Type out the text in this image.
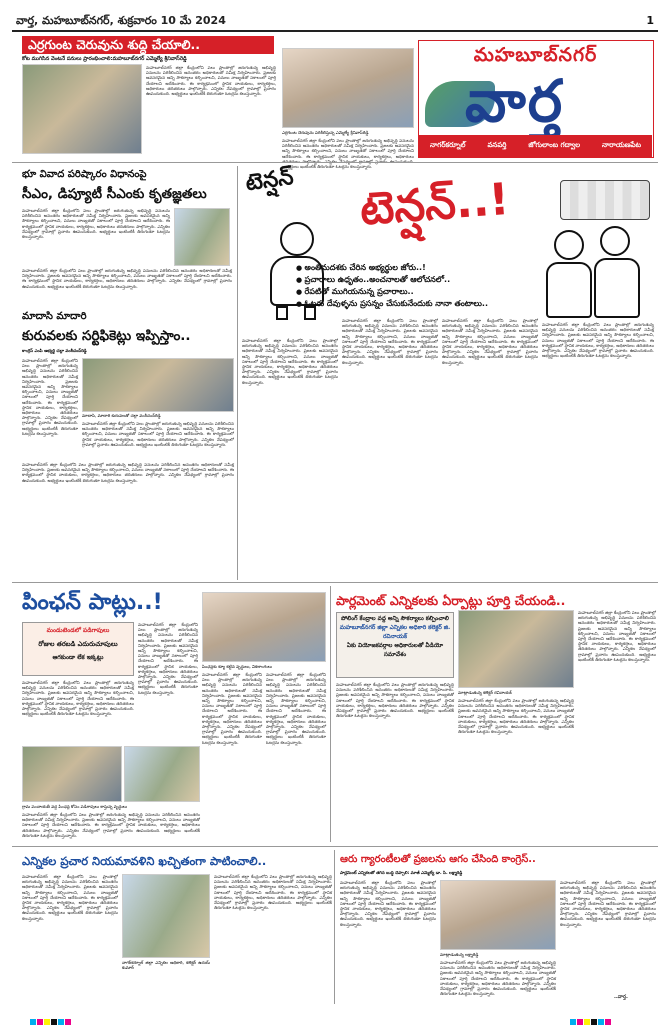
వార్త, మహబూబ్‌నగర్, శుక్రవారం 10 మే 2024	1
ఎర్రగుంట చెరువును శుద్ధి చేయాలి..
కోట ముగిసిన వెంటనే పనులు ప్రారంభించాలి:మహబూబ్‌నగర్ ఎమ్మెల్యే శ్రీనివాస్‌రెడ్డి
మహబూబ్‌నగర్ జిల్లా కేంద్రంలోని పలు ప్రాంతాల్లో జరుగుతున్న అభివృద్ధి పనులను పరిశీలించిన అనంతరం అధికారులతో సమీక్ష నిర్వహించారు. ప్రజలకు అవసరమైన అన్ని సౌకర్యాలు కల్పించాలని, పనులు నాణ్యతతో సకాలంలో పూర్తి చేయాలని ఆదేశించారు. ఈ కార్యక్రమంలో స్థానిక నాయకులు, కార్యకర్తలు, అధికారులు తదితరులు పాల్గొన్నారు. ఎన్నికల నేపథ్యంలో గ్రామాల్లో ప్రచారం ఊపందుకుంది. అభ్యర్థులు ఇంటింటికీ తిరుగుతూ ఓటర్లను కలుస్తున్నారు.
ఎర్రగుంట చెరువును పరిశీలిస్తున్న ఎమ్మెల్యే శ్రీనివాస్‌రెడ్డి
మహబూబ్‌నగర్ జిల్లా కేంద్రంలోని పలు ప్రాంతాల్లో జరుగుతున్న అభివృద్ధి పనులను పరిశీలించిన అనంతరం అధికారులతో సమీక్ష నిర్వహించారు. ప్రజలకు అవసరమైన అన్ని సౌకర్యాలు కల్పించాలని, పనులు నాణ్యతతో సకాలంలో పూర్తి చేయాలని ఆదేశించారు. ఈ కార్యక్రమంలో స్థానిక నాయకులు, కార్యకర్తలు, అధికారులు అభ్యర్థులు ఇంటింటికీ తిరుగుతూ ఓటర్లను కలుస్తున్నారు.
మహబూబ్‌నగర్
వార్త
నాగర్‌కర్నూల్	వనపర్తి	జోగులాంబ గద్వాల	నారాయణపేట
భూ వివాద పరిష్కారం విధానంపై
సీఎం, డిప్యూటీ సీఎంకు కృతజ్ఞతలు
మహబూబ్‌నగర్ జిల్లా కేంద్రంలోని పలు ప్రాంతాల్లో జరుగుతున్న అభివృద్ధి పనులను పరిశీలించిన అనంతరం అధికారులతో సమీక్ష నిర్వహించారు. ప్రజలకు అవసరమైన అన్ని సౌకర్యాలు కల్పించాలని, పనులు నాణ్యతతో సకాలంలో పూర్తి చేయాలని ఆదేశించారు. ఈ కార్యక్రమంలో స్థానిక నాయకులు, కార్యకర్తలు, అధికారులు తదితరులు పాల్గొన్నారు. ఎన్నికల నేపథ్యంలో గ్రామాల్లో ప్రచారం ఊపందుకుంది. అభ్యర్థులు ఇంటింటికీ తిరుగుతూ ఓటర్లను కలుస్తున్నారు.
మహబూబ్‌నగర్ జిల్లా కేంద్రంలోని పలు ప్రాంతాల్లో జరుగుతున్న అభివృద్ధి పనులను పరిశీలించిన అనంతరం అధికారులతో సమీక్ష నిర్వహించారు. ప్రజలకు అవసరమైన అన్ని సౌకర్యాలు కల్పించాలని, పనులు నాణ్యతతో సకాలంలో పూర్తి చేయాలని ఆదేశించారు. ఈ కార్యక్రమంలో స్థానిక నాయకులు, కార్యకర్తలు, అధికారులు తదితరులు పాల్గొన్నారు. ఎన్నికల నేపథ్యంలో గ్రామాల్లో ప్రచారం ఊపందుకుంది. అభ్యర్థులు ఇంటింటికీ తిరుగుతూ ఓటర్లను కలుస్తున్నారు.
మాదాసి మాదారి
కురువలకు సర్టిఫికెట్లు ఇప్పిస్తాం..
కాంగ్రెస్ ఎంపి అభ్యర్థి చల్లా వంశీచంద్‌రెడ్డి
మహబూబ్‌నగర్ జిల్లా కేంద్రంలోని పలు ప్రాంతాల్లో జరుగుతున్న అభివృద్ధి పనులను పరిశీలించిన అనంతరం అధికారులతో సమీక్ష నిర్వహించారు. ప్రజలకు అవసరమైన అన్ని సౌకర్యాలు కల్పించాలని, పనులు నాణ్యతతో సకాలంలో పూర్తి చేయాలని ఆదేశించారు. ఈ కార్యక్రమంలో స్థానిక నాయకులు, కార్యకర్తలు, అధికారులు తదితరులు పాల్గొన్నారు. ఎన్నికల నేపథ్యంలో గ్రామాల్లో ప్రచారం ఊపందుకుంది. అభ్యర్థులు ఇంటింటికీ తిరుగుతూ ఓటర్లను కలుస్తున్నారు.
మాదాసి, మాదారి కురువలతో చల్లా వంశీచంద్‌రెడ్డి
మహబూబ్‌నగర్ జిల్లా కేంద్రంలోని పలు ప్రాంతాల్లో జరుగుతున్న అభివృద్ధి పనులను పరిశీలించిన అనంతరం అధికారులతో సమీక్ష నిర్వహించారు. ప్రజలకు అవసరమైన అన్ని సౌకర్యాలు కల్పించాలని, పనులు నాణ్యతతో సకాలంలో పూర్తి చేయాలని ఆదేశించారు. ఈ కార్యక్రమంలో స్థానిక నాయకులు, కార్యకర్తలు, అధికారులు తదితరులు పాల్గొన్నారు. ఎన్నికల నేపథ్యంలో గ్రామాల్లో ప్రచారం ఊపందుకుంది. అభ్యర్థులు ఇంటింటికీ తిరుగుతూ ఓటర్లను కలుస్తున్నారు.
మహబూబ్‌నగర్ జిల్లా కేంద్రంలోని పలు ప్రాంతాల్లో జరుగుతున్న అభివృద్ధి పనులను పరిశీలించిన అనంతరం అధికారులతో సమీక్ష నిర్వహించారు. ప్రజలకు అవసరమైన అన్ని సౌకర్యాలు కల్పించాలని, పనులు నాణ్యతతో సకాలంలో పూర్తి చేయాలని ఆదేశించారు. ఈ కార్యక్రమంలో స్థానిక నాయకులు, కార్యకర్తలు, అధికారులు తదితరులు పాల్గొన్నారు. ఎన్నికల నేపథ్యంలో గ్రామాల్లో ప్రచారం ఊపందుకుంది. అభ్యర్థులు ఇంటింటికీ తిరుగుతూ ఓటర్లను కలుస్తున్నారు.
టెన్షన్ టెన్షన్..!
● అంతిమదశకు చేరిన అభ్యర్థుల జోరు..!
● ప్రచారాలు ఉధృతం..అంచనాలతో ఆలోచనలో..
● రేపటితో ముగియనున్న ప్రచారాలు..
● ఓటరు దేవుళ్ళను ప్రసన్నం చేసుకునేందుకు నానా తంటాలు..
మహబూబ్‌నగర్ జిల్లా కేంద్రంలోని పలు ప్రాంతాల్లో జరుగుతున్న అభివృద్ధి పనులను పరిశీలించిన అనంతరం అధికారులతో సమీక్ష నిర్వహించారు. ప్రజలకు అవసరమైన అన్ని సౌకర్యాలు కల్పించాలని, పనులు నాణ్యతతో సకాలంలో పూర్తి చేయాలని ఆదేశించారు. ఈ కార్యక్రమంలో స్థానిక నాయకులు, కార్యకర్తలు, అధికారులు తదితరులు పాల్గొన్నారు. ఎన్నికల నేపథ్యంలో గ్రామాల్లో ప్రచారం ఊపందుకుంది. అభ్యర్థులు ఇంటింటికీ తిరుగుతూ ఓటర్లను కలుస్తున్నారు.
మహబూబ్‌నగర్ జిల్లా కేంద్రంలోని పలు ప్రాంతాల్లో జరుగుతున్న అభివృద్ధి పనులను పరిశీలించిన అనంతరం అధికారులతో సమీక్ష నిర్వహించారు. ప్రజలకు అవసరమైన అన్ని సౌకర్యాలు కల్పించాలని, పనులు నాణ్యతతో సకాలంలో పూర్తి చేయాలని ఆదేశించారు. ఈ కార్యక్రమంలో స్థానిక నాయకులు, కార్యకర్తలు, అధికారులు తదితరులు పాల్గొన్నారు. ఎన్నికల నేపథ్యంలో గ్రామాల్లో ప్రచారం ఊపందుకుంది. అభ్యర్థులు ఇంటింటికీ తిరుగుతూ ఓటర్లను కలుస్తున్నారు.
మహబూబ్‌నగర్ జిల్లా కేంద్రంలోని పలు ప్రాంతాల్లో జరుగుతున్న అభివృద్ధి పనులను పరిశీలించిన అనంతరం అధికారులతో సమీక్ష నిర్వహించారు. ప్రజలకు అవసరమైన అన్ని సౌకర్యాలు కల్పించాలని, పనులు నాణ్యతతో సకాలంలో పూర్తి చేయాలని ఆదేశించారు. ఈ కార్యక్రమంలో స్థానిక నాయకులు, కార్యకర్తలు, అధికారులు తదితరులు పాల్గొన్నారు. ఎన్నికల నేపథ్యంలో గ్రామాల్లో ప్రచారం ఊపందుకుంది. అభ్యర్థులు ఇంటింటికీ తిరుగుతూ ఓటర్లను కలుస్తున్నారు.
మహబూబ్‌నగర్ జిల్లా కేంద్రంలోని పలు ప్రాంతాల్లో జరుగుతున్న అభివృద్ధి పనులను పరిశీలించిన అనంతరం అధికారులతో సమీక్ష నిర్వహించారు. ప్రజలకు అవసరమైన అన్ని సౌకర్యాలు కల్పించాలని, పనులు నాణ్యతతో సకాలంలో పూర్తి చేయాలని ఆదేశించారు. ఈ కార్యక్రమంలో స్థానిక నాయకులు, కార్యకర్తలు, అధికారులు తదితరులు పాల్గొన్నారు. ఎన్నికల నేపథ్యంలో గ్రామాల్లో ప్రచారం ఊపందుకుంది. అభ్యర్థులు ఇంటింటికీ తిరుగుతూ ఓటర్లను కలుస్తున్నారు.
పింఛన్ పాట్లు..!
మండుటెండలో పడిగాపులు
రోజుల తరబడి ఎదురుచూపులు
ఆగకుండా లేక ఇక్కట్లు
మహబూబ్‌నగర్ జిల్లా కేంద్రంలోని పలు ప్రాంతాల్లో జరుగుతున్న అభివృద్ధి పనులను పరిశీలించిన అనంతరం అధికారులతో సమీక్ష నిర్వహించారు. ప్రజలకు అవసరమైన అన్ని సౌకర్యాలు కల్పించాలని, పనులు నాణ్యతతో సకాలంలో పూర్తి చేయాలని ఆదేశించారు. ఈ కార్యక్రమంలో స్థానిక నాయకులు, కార్యకర్తలు, అధికారులు తదితరులు పాల్గొన్నారు. ఎన్నికల నేపథ్యంలో గ్రామాల్లో ప్రచారం ఊపందుకుంది. అభ్యర్థులు ఇంటింటికీ తిరుగుతూ ఓటర్లను కలుస్తున్నారు.
మహబూబ్‌నగర్ జిల్లా కేంద్రంలోని పలు ప్రాంతాల్లో జరుగుతున్న అభివృద్ధి పనులను పరిశీలించిన అనంతరం అధికారులతో సమీక్ష నిర్వహించారు. ప్రజలకు అవసరమైన అన్ని సౌకర్యాలు కల్పించాలని, పనులు నాణ్యతతో సకాలంలో పూర్తి చేయాలని ఆదేశించారు. ఈ కార్యక్రమంలో స్థానిక నాయకులు, కార్యకర్తలు, అధికారులు తదితరులు పాల్గొన్నారు. ఎన్నికల నేపథ్యంలో గ్రామాల్లో ప్రచారం ఊపందుకుంది. అభ్యర్థులు ఇంటింటికీ తిరుగుతూ ఓటర్లను కలుస్తున్నారు.
పింఛన్లకు క్యూ కట్టిన వృద్ధులు, వికలాంగులు
మహబూబ్‌నగర్ జిల్లా కేంద్రంలోని పలు ప్రాంతాల్లో జరుగుతున్న అభివృద్ధి పనులను పరిశీలించిన అనంతరం అధికారులతో సమీక్ష నిర్వహించారు. ప్రజలకు అవసరమైన అన్ని సౌకర్యాలు కల్పించాలని, పనులు నాణ్యతతో సకాలంలో పూర్తి చేయాలని ఆదేశించారు. ఈ కార్యక్రమంలో స్థానిక నాయకులు, కార్యకర్తలు, అధికారులు తదితరులు పాల్గొన్నారు. ఎన్నికల నేపథ్యంలో గ్రామాల్లో ప్రచారం ఊపందుకుంది. అభ్యర్థులు ఇంటింటికీ తిరుగుతూ ఓటర్లను కలుస్తున్నారు.
మహబూబ్‌నగర్ జిల్లా కేంద్రంలోని పలు ప్రాంతాల్లో జరుగుతున్న అభివృద్ధి పనులను పరిశీలించిన అనంతరం అధికారులతో సమీక్ష నిర్వహించారు. ప్రజలకు అవసరమైన అన్ని సౌకర్యాలు కల్పించాలని, పనులు నాణ్యతతో సకాలంలో పూర్తి చేయాలని ఆదేశించారు. ఈ కార్యక్రమంలో స్థానిక నాయకులు, కార్యకర్తలు, అధికారులు తదితరులు పాల్గొన్నారు. ఎన్నికల నేపథ్యంలో గ్రామాల్లో ప్రచారం ఊపందుకుంది. అభ్యర్థులు ఇంటింటికీ తిరుగుతూ ఓటర్లను కలుస్తున్నారు.
గ్రామ పంచాయతీ వద్ద పింఛన్ల కోసం పడిగాపులు కాస్తున్న వృద్ధులు
మహబూబ్‌నగర్ జిల్లా కేంద్రంలోని పలు ప్రాంతాల్లో జరుగుతున్న అభివృద్ధి పనులను పరిశీలించిన అనంతరం అధికారులతో సమీక్ష నిర్వహించారు. ప్రజలకు అవసరమైన అన్ని సౌకర్యాలు కల్పించాలని, పనులు నాణ్యతతో సకాలంలో పూర్తి చేయాలని ఆదేశించారు. ఈ కార్యక్రమంలో స్థానిక నాయకులు, కార్యకర్తలు, అధికారులు తదితరులు పాల్గొన్నారు. ఎన్నికల నేపథ్యంలో గ్రామాల్లో ప్రచారం ఊపందుకుంది. అభ్యర్థులు ఇంటింటికీ తిరుగుతూ ఓటర్లను కలుస్తున్నారు.
పార్లమెంట్ ఎన్నికలకు ఏర్పాట్లు పూర్తి చేయండి..
పోలింగ్ కేంద్రాల వద్ద అన్ని సౌకర్యాలు కల్పించాలి
మహబూబ్‌నగర్ జిల్లా ఎన్నికల అధికారి కలెక్టర్ జి. రవినాయక్
ఏకు వియోజకవర్గాల అధికారులతో వీడియో సమావేశం
మాట్లాడుతున్న కలెక్టర్ రవినాయక్
మహబూబ్‌నగర్ జిల్లా కేంద్రంలోని పలు ప్రాంతాల్లో జరుగుతున్న అభివృద్ధి పనులను పరిశీలించిన అనంతరం అధికారులతో సమీక్ష నిర్వహించారు. ప్రజలకు అవసరమైన అన్ని సౌకర్యాలు కల్పించాలని, పనులు నాణ్యతతో సకాలంలో పూర్తి చేయాలని ఆదేశించారు. ఈ కార్యక్రమంలో స్థానిక నాయకులు, కార్యకర్తలు, అధికారులు తదితరులు పాల్గొన్నారు. ఎన్నికల నేపథ్యంలో గ్రామాల్లో ప్రచారం ఊపందుకుంది. అభ్యర్థులు ఇంటింటికీ తిరుగుతూ ఓటర్లను కలుస్తున్నారు.
మహబూబ్‌నగర్ జిల్లా కేంద్రంలోని పలు ప్రాంతాల్లో జరుగుతున్న అభివృద్ధి పనులను పరిశీలించిన అనంతరం అధికారులతో సమీక్ష నిర్వహించారు. ప్రజలకు అవసరమైన అన్ని సౌకర్యాలు కల్పించాలని, పనులు నాణ్యతతో సకాలంలో పూర్తి చేయాలని ఆదేశించారు. ఈ కార్యక్రమంలో స్థానిక నాయకులు, కార్యకర్తలు, అధికారులు తదితరులు పాల్గొన్నారు. ఎన్నికల నేపథ్యంలో గ్రామాల్లో ప్రచారం ఊపందుకుంది. అభ్యర్థులు ఇంటింటికీ తిరుగుతూ ఓటర్లను కలుస్తున్నారు.
మహబూబ్‌నగర్ జిల్లా కేంద్రంలోని పలు ప్రాంతాల్లో జరుగుతున్న అభివృద్ధి పనులను పరిశీలించిన అనంతరం అధికారులతో సమీక్ష నిర్వహించారు. ప్రజలకు అవసరమైన అన్ని సౌకర్యాలు కల్పించాలని, పనులు నాణ్యతతో సకాలంలో పూర్తి చేయాలని ఆదేశించారు. ఈ కార్యక్రమంలో స్థానిక నాయకులు, కార్యకర్తలు, అధికారులు తదితరులు పాల్గొన్నారు. ఎన్నికల నేపథ్యంలో గ్రామాల్లో ప్రచారం ఊపందుకుంది. అభ్యర్థులు ఇంటింటికీ తిరుగుతూ ఓటర్లను కలుస్తున్నారు.
ఎన్నికల ప్రచార నియమావళిని ఖచ్చితంగా పాటించాలి..
మహబూబ్‌నగర్ జిల్లా కేంద్రంలోని పలు ప్రాంతాల్లో జరుగుతున్న అభివృద్ధి పనులను పరిశీలించిన అనంతరం అధికారులతో సమీక్ష నిర్వహించారు. ప్రజలకు అవసరమైన అన్ని సౌకర్యాలు కల్పించాలని, పనులు నాణ్యతతో సకాలంలో పూర్తి చేయాలని ఆదేశించారు. ఈ కార్యక్రమంలో స్థానిక నాయకులు, కార్యకర్తలు, అధికారులు తదితరులు పాల్గొన్నారు. ఎన్నికల నేపథ్యంలో గ్రామాల్లో ప్రచారం ఊపందుకుంది. అభ్యర్థులు ఇంటింటికీ తిరుగుతూ ఓటర్లను కలుస్తున్నారు.
నాగర్‌కర్నూల్ జిల్లా ఎన్నికల అధికారి, కలెక్టర్ ఉదయ్ కుమార్
మహబూబ్‌నగర్ జిల్లా కేంద్రంలోని పలు ప్రాంతాల్లో జరుగుతున్న అభివృద్ధి పనులను పరిశీలించిన అనంతరం అధికారులతో సమీక్ష నిర్వహించారు. ప్రజలకు అవసరమైన అన్ని సౌకర్యాలు కల్పించాలని, పనులు నాణ్యతతో సకాలంలో పూర్తి చేయాలని ఆదేశించారు. ఈ కార్యక్రమంలో స్థానిక నాయకులు, కార్యకర్తలు, అధికారులు తదితరులు పాల్గొన్నారు. ఎన్నికల నేపథ్యంలో గ్రామాల్లో ప్రచారం ఊపందుకుంది. అభ్యర్థులు ఇంటింటికీ తిరుగుతూ ఓటర్లను కలుస్తున్నారు.
ఆరు గ్యారంటీలతో ప్రజలను ఆగం చేసింది కాంగ్రెస్..
పార్లమెంట్ ఎన్నికలతో తగిన బుద్ధి చెప్పాలి: మాజీ ఎమ్మెల్యే డా. సి. లక్ష్మారెడ్డి
మహబూబ్‌నగర్ జిల్లా కేంద్రంలోని పలు ప్రాంతాల్లో జరుగుతున్న అభివృద్ధి పనులను పరిశీలించిన అనంతరం అధికారులతో సమీక్ష నిర్వహించారు. ప్రజలకు అవసరమైన అన్ని సౌకర్యాలు కల్పించాలని, పనులు నాణ్యతతో సకాలంలో పూర్తి చేయాలని ఆదేశించారు. ఈ కార్యక్రమంలో స్థానిక నాయకులు, కార్యకర్తలు, అధికారులు తదితరులు పాల్గొన్నారు. ఎన్నికల నేపథ్యంలో గ్రామాల్లో ప్రచారం ఊపందుకుంది. అభ్యర్థులు ఇంటింటికీ తిరుగుతూ ఓటర్లను కలుస్తున్నారు.
మాట్లాడుతున్న లక్ష్మారెడ్డి
మహబూబ్‌నగర్ జిల్లా కేంద్రంలోని పలు ప్రాంతాల్లో జరుగుతున్న అభివృద్ధి పనులను పరిశీలించిన అనంతరం అధికారులతో సమీక్ష నిర్వహించారు. ప్రజలకు అవసరమైన అన్ని సౌకర్యాలు కల్పించాలని, పనులు నాణ్యతతో సకాలంలో పూర్తి చేయాలని ఆదేశించారు. ఈ కార్యక్రమంలో స్థానిక నాయకులు, కార్యకర్తలు, అధికారులు తదితరులు పాల్గొన్నారు. ఎన్నికల నేపథ్యంలో గ్రామాల్లో ప్రచారం ఊపందుకుంది. అభ్యర్థులు ఇంటింటికీ తిరుగుతూ ఓటర్లను కలుస్తున్నారు.
మహబూబ్‌నగర్ జిల్లా కేంద్రంలోని పలు ప్రాంతాల్లో జరుగుతున్న అభివృద్ధి పనులను పరిశీలించిన అనంతరం అధికారులతో సమీక్ష నిర్వహించారు. ప్రజలకు అవసరమైన అన్ని సౌకర్యాలు కల్పించాలని, పనులు నాణ్యతతో సకాలంలో పూర్తి చేయాలని ఆదేశించారు. ఈ కార్యక్రమంలో స్థానిక నాయకులు, కార్యకర్తలు, అధికారులు తదితరులు పాల్గొన్నారు. ఎన్నికల నేపథ్యంలో గ్రామాల్లో ప్రచారం ఊపందుకుంది. అభ్యర్థులు ఇంటింటికీ తిరుగుతూ ఓటర్లను కలుస్తున్నారు.
..వార్త.
